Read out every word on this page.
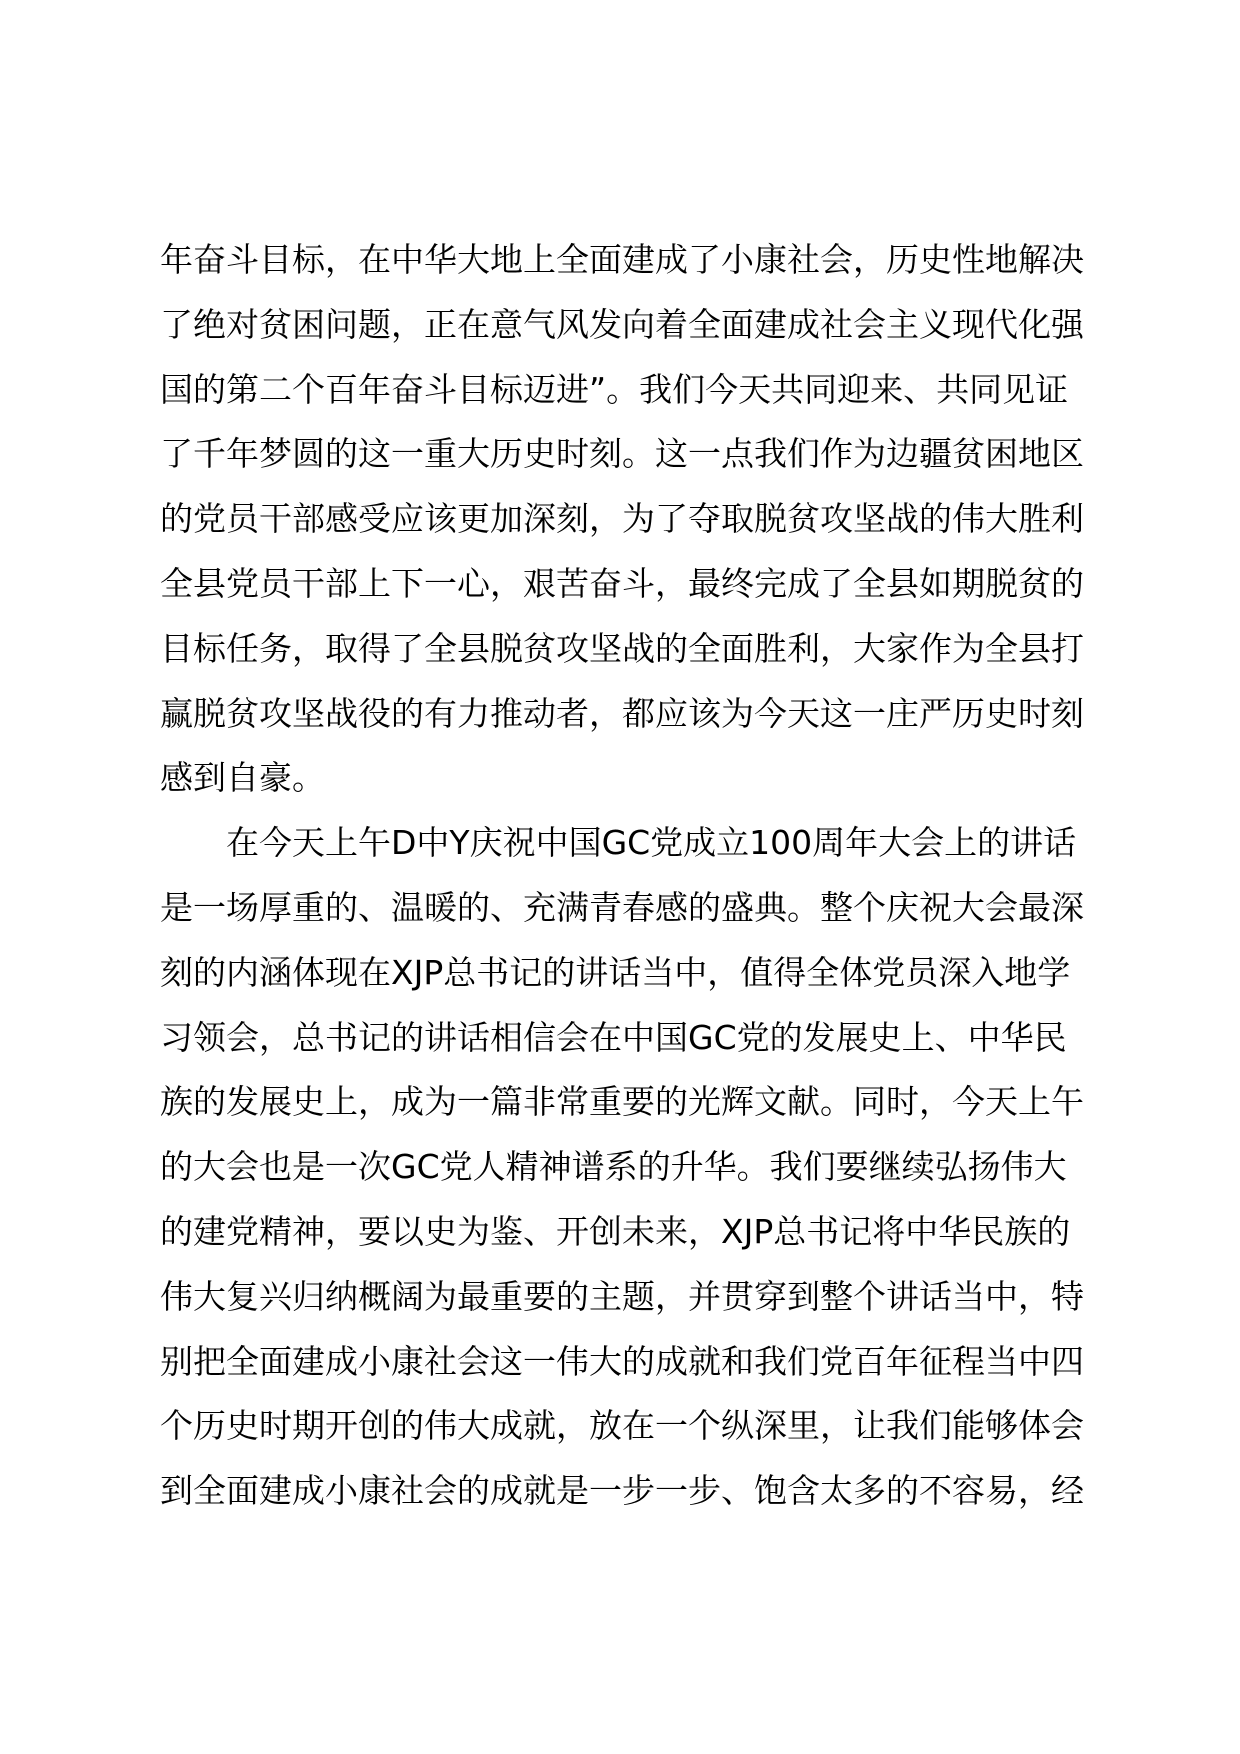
年奋斗目标，在中华大地上全面建成了小康社会，历史性地解决
了绝对贫困问题，正在意气风发向着全面建成社会主义现代化强
国的第二个百年奋斗目标迈进”。我们今天共同迎来、共同见证
了千年梦圆的这一重大历史时刻。这一点我们作为边疆贫困地区
的党员干部感受应该更加深刻，为了夺取脱贫攻坚战的伟大胜利
全县党员干部上下一心，艰苦奋斗，最终完成了全县如期脱贫的
目标任务，取得了全县脱贫攻坚战的全面胜利，大家作为全县打
赢脱贫攻坚战役的有力推动者，都应该为今天这一庄严历史时刻
感到自豪。
在今天上午D中Y庆祝中国GC党成立100周年大会上的讲话
是一场厚重的、温暖的、充满青春感的盛典。整个庆祝大会最深
刻的内涵体现在XJP总书记的讲话当中，值得全体党员深入地学
习领会，总书记的讲话相信会在中国GC党的发展史上、中华民
族的发展史上，成为一篇非常重要的光辉文献。同时，今天上午
的大会也是一次GC党人精神谱系的升华。我们要继续弘扬伟大
的建党精神，要以史为鉴、开创未来，XJP总书记将中华民族的
伟大复兴归纳概阔为最重要的主题，并贯穿到整个讲话当中，特
别把全面建成小康社会这一伟大的成就和我们党百年征程当中四
个历史时期开创的伟大成就，放在一个纵深里，让我们能够体会
到全面建成小康社会的成就是一步一步、饱含太多的不容易，经
